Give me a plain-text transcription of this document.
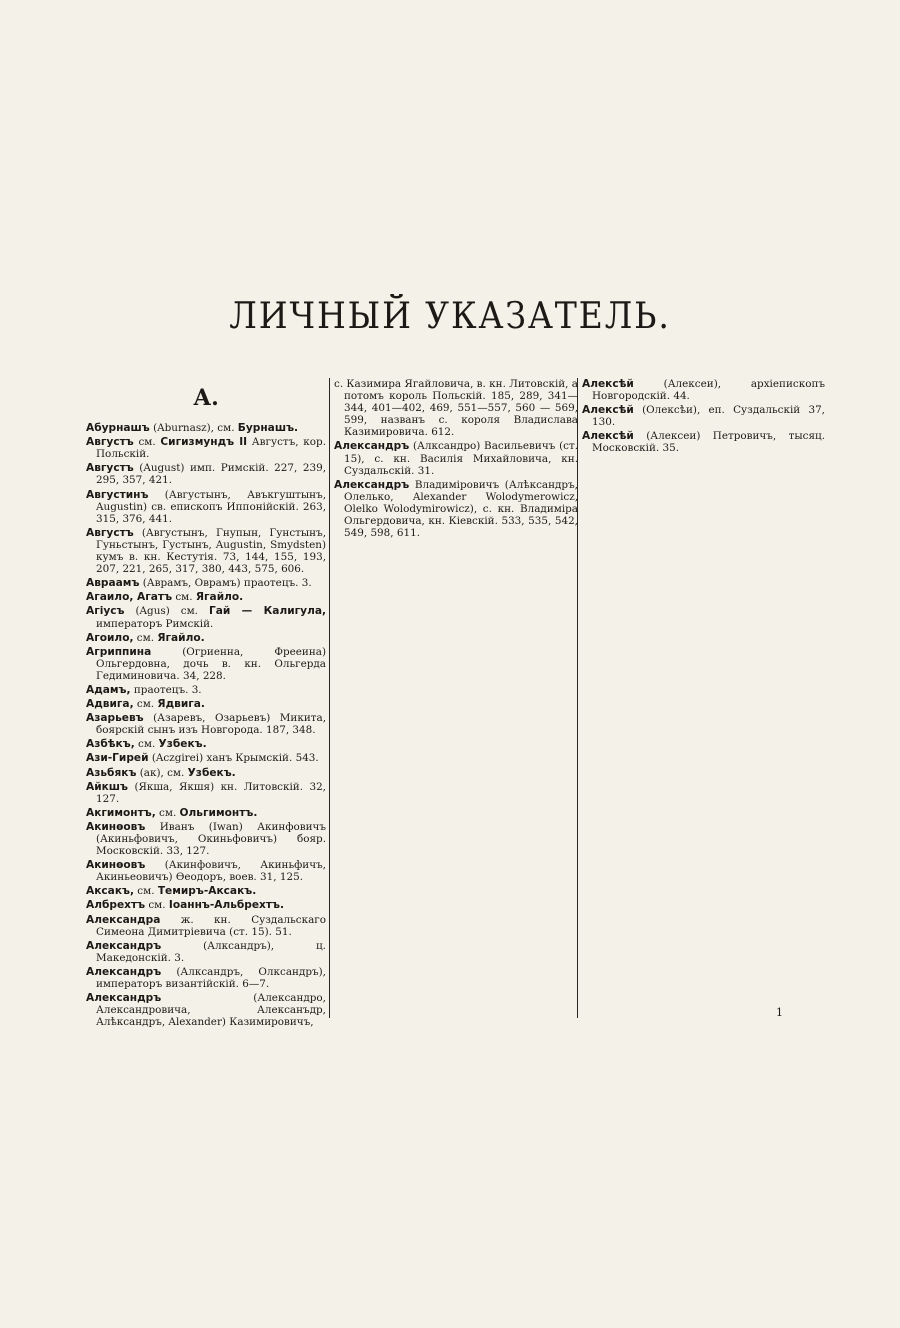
ЛИЧНЫЙ УКАЗАТЕЛЬ.
А.
Абурнашъ (Aburnasz), см. Бурнашъ.
Августъ см. Сигизмундъ II Августъ, кор. Польскій.
Августъ (August) имп. Римскій. 227, 239, 295, 357, 421.
Августинъ (Августынъ, Авъкгуштынъ, Augustin) св. епископъ Иппонійскій. 263, 315, 376, 441.
Августъ (Августынъ, Гнупын, Гунстынъ, Гуньстынъ, Густынъ, Augustin, Smydsten) кумъ в. кн. Кестутія. 73, 144, 155, 193, 207, 221, 265, 317, 380, 443, 575, 606.
Авраамъ (Аврамъ, Оврамъ) праотецъ. 3.
Агаило, Агатъ см. Ягайло.
Агіусъ (Agus) см. Гай — Калигула, императоръ Римскій.
Агоило, см. Ягайло.
Агриппина (Огриенна, Фрееина) Ольгердовна, дочь в. кн. Ольгерда Гедиминовича. 34, 228.
Адамъ, праотецъ. 3.
Адвига, см. Ядвига.
Азарьевъ (Азаревъ, Озарьевъ) Микита, боярскій сынъ изъ Новгорода. 187, 348.
Азбѣкъ, см. Узбекъ.
Ази-Гирей (Aczgirei) ханъ Крымскій. 543.
Азьбякъ (ак), см. Узбекъ.
Айкшъ (Якша, Якшя) кн. Литовскій. 32, 127.
Акгимонтъ, см. Ольгимонтъ.
Акинѳовъ Иванъ (Iwan) Акинфовичъ (Акиньфовичъ, Окиньфовичъ) бояр. Московскій. 33, 127.
Акинѳовъ (Акинфовичъ, Акиньфичъ, Акиньеовичъ) Ѳеодоръ, воев. 31, 125.
Аксакъ, см. Темиръ-Аксакъ.
Албрехтъ см. Іоаннъ-Альбрехтъ.
Александра ж. кн. Суздальскаго Симеона Димитріевича (ст. 15). 51.
Александръ (Алксандръ), ц. Македонскій. 3.
Александръ (Алксандръ, Олксандръ), императоръ византійскій. 6—7.
Александръ (Александро, Александровича, Алексанъдр, Алѣксандръ, Alexander) Казимировичъ,
с. Казимира Ягайловича, в. кн. Литовскій, а потомъ король Польскій. 185, 289, 341—344, 401—402, 469, 551—557, 560 — 569, 599, названъ с. короля Владислава Казимировича. 612.
Александръ (Алксандро) Васильевичъ (ст. 15), с. кн. Василія Михайловича, кн. Суздальскій. 31.
Александръ Владиміровичъ (Алѣксандръ, Олелько, Alexander Wolodymerowicz, Olelko Wolodymirowicz), с. кн. Владиміра Ольгердовича, кн. Кіевскій. 533, 535, 542, 549, 598, 611.
Алексѣй (Алексеи), архіепископъ Новгородскій. 44.
Алексѣй (Олексѣи), еп. Суздальскій 37, 130.
Алексѣй (Алексеи) Петровичъ, тысяц. Московскій. 35.
1
